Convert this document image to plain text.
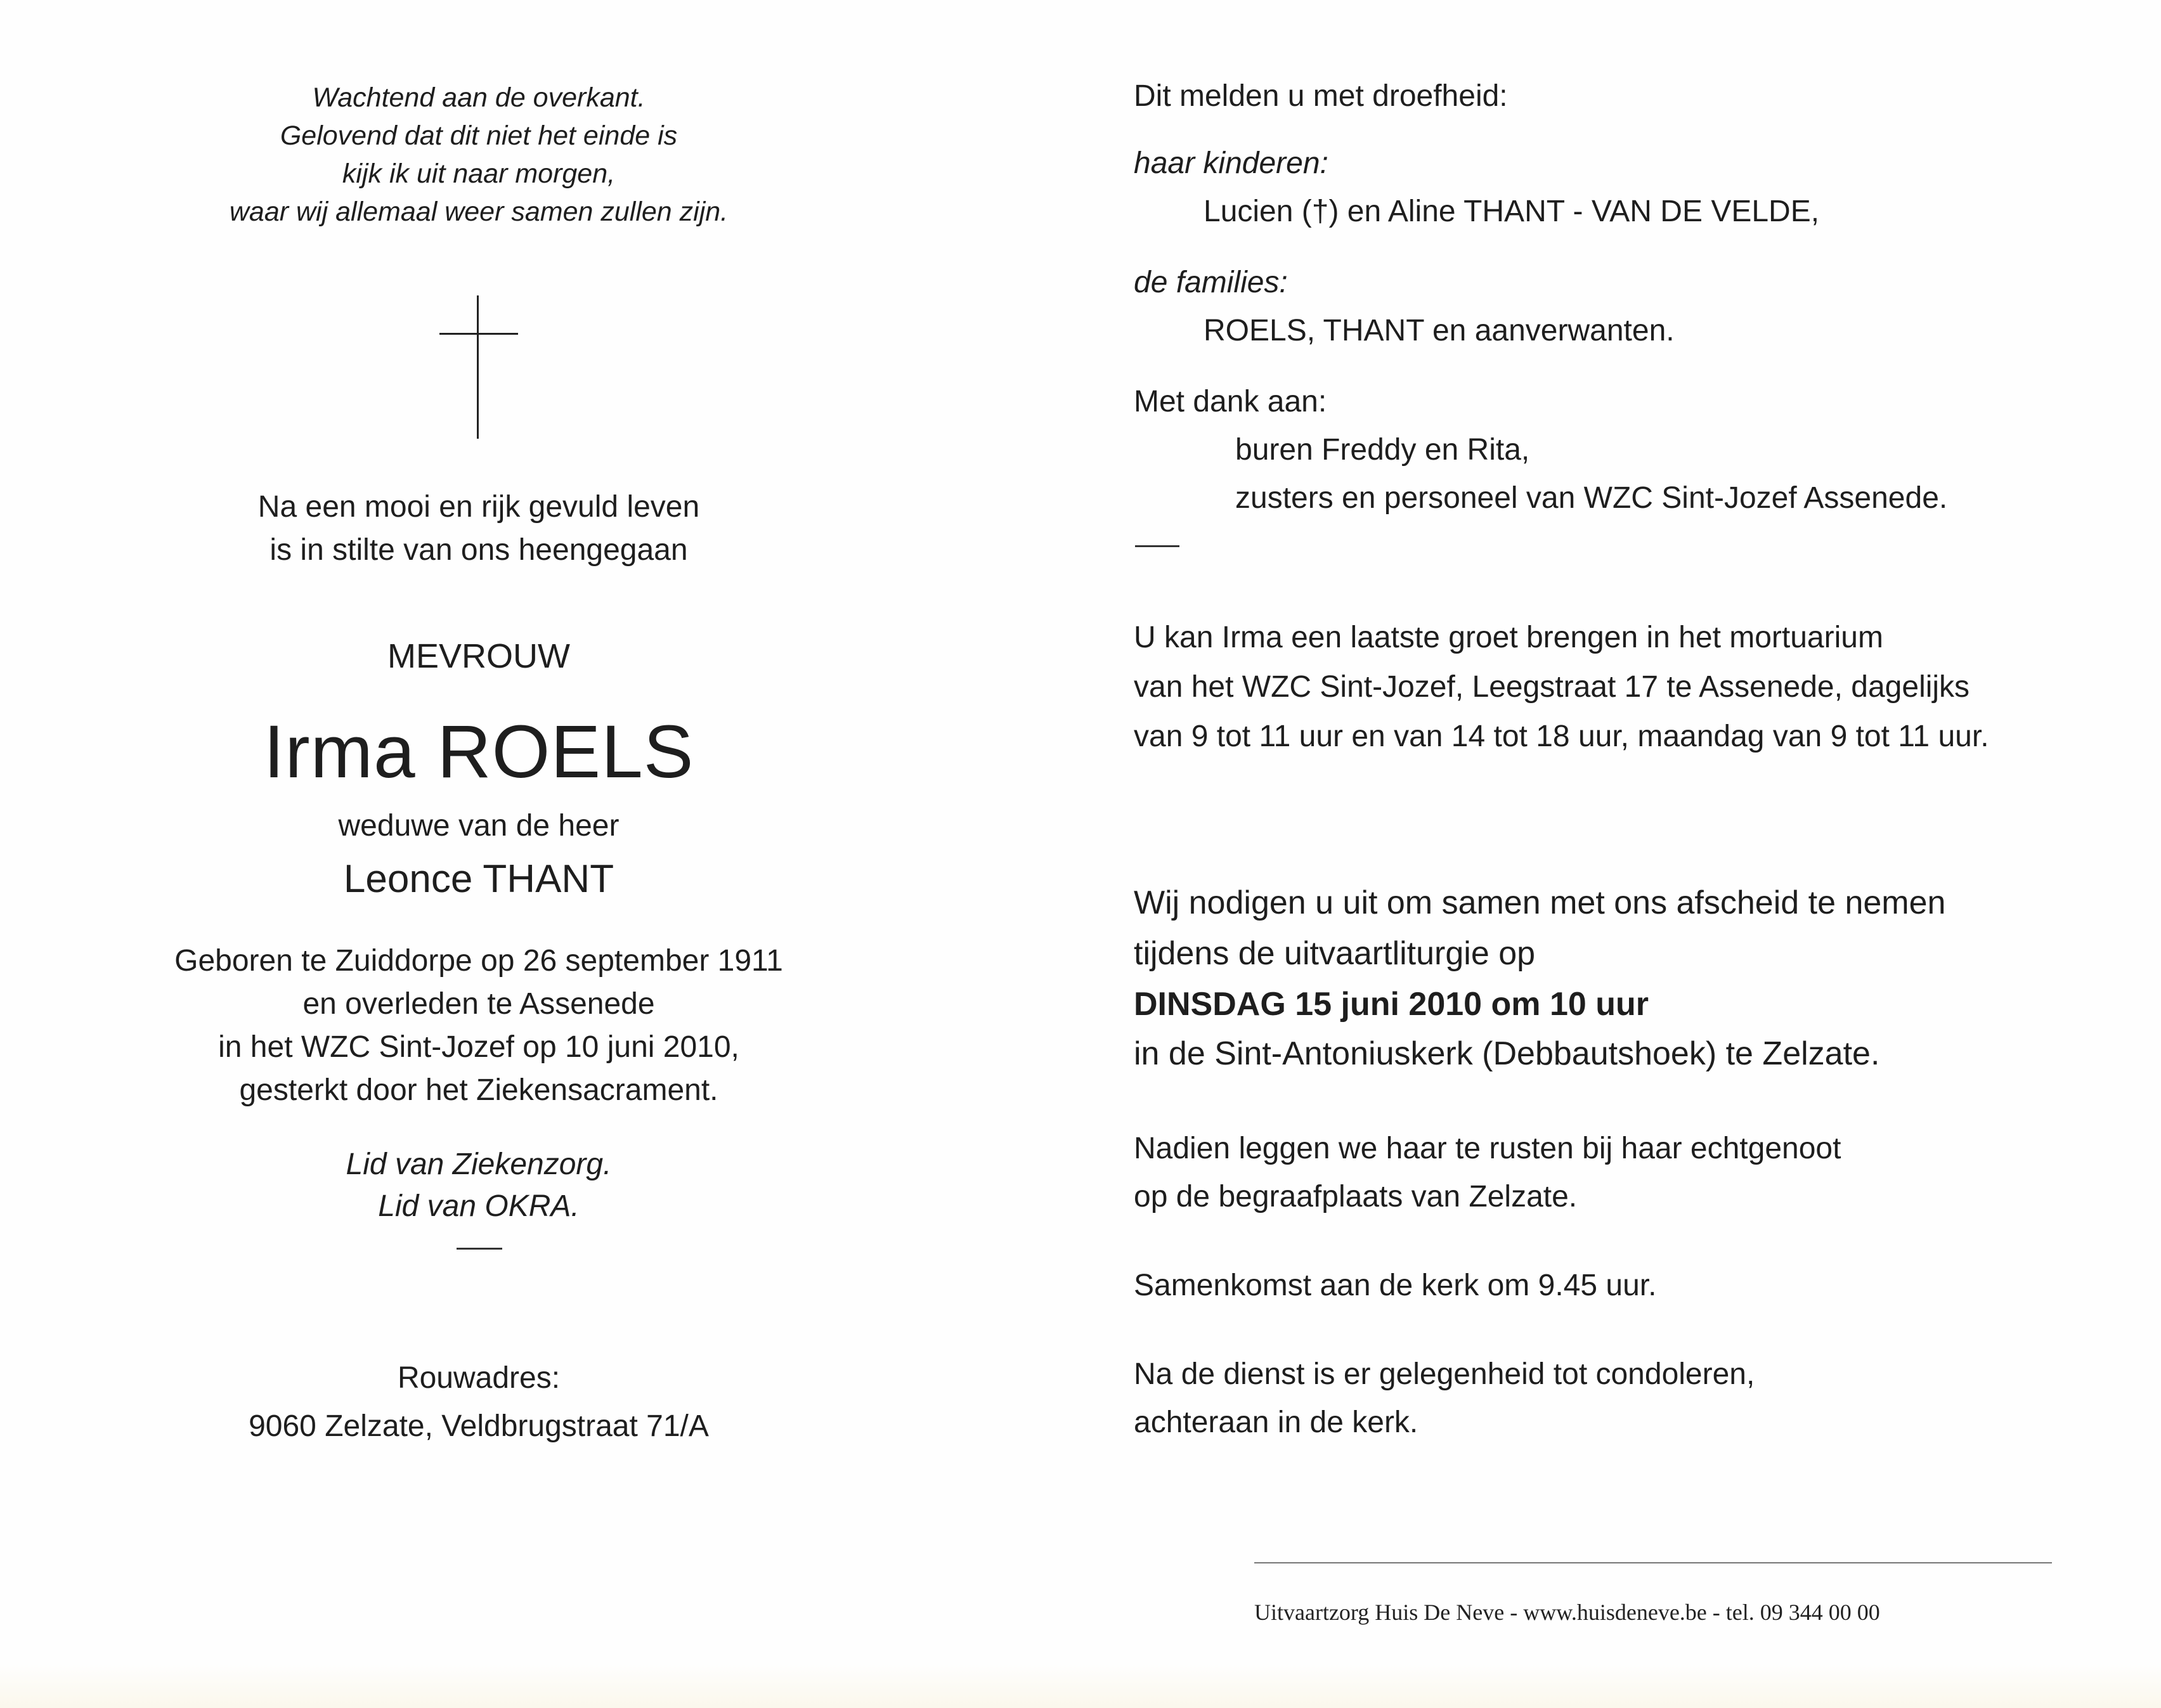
Wachtend aan de overkant.
Gelovend dat dit niet het einde is
kijk ik uit naar morgen,
waar wij allemaal weer samen zullen zijn.
Na een mooi en rijk gevuld leven
is in stilte van ons heengegaan
MEVROUW
Irma ROELS
weduwe van de heer
Leonce THANT
Geboren te Zuiddorpe op 26 september 1911
en overleden te Assenede
in het WZC Sint-Jozef op 10 juni 2010,
gesterkt door het Ziekensacrament.
Lid van Ziekenzorg.
Lid van OKRA.
Rouwadres:
9060 Zelzate, Veldbrugstraat 71/A
Dit melden u met droefheid:
haar kinderen:
Lucien (†) en Aline THANT - VAN DE VELDE,
de families:
ROELS, THANT en aanverwanten.
Met dank aan:
buren Freddy en Rita,
zusters en personeel van WZC Sint-Jozef Assenede.
U kan Irma een laatste groet brengen in het mortuarium
van het WZC Sint-Jozef, Leegstraat 17 te Assenede, dagelijks
van 9 tot 11 uur en van 14 tot 18 uur, maandag van 9 tot 11 uur.
Wij nodigen u uit om samen met ons afscheid te nemen
tijdens de uitvaartliturgie op
DINSDAG 15 juni 2010 om 10 uur
in de Sint-Antoniuskerk (Debbautshoek) te Zelzate.
Nadien leggen we haar te rusten bij haar echtgenoot
op de begraafplaats van Zelzate.
Samenkomst aan de kerk om 9.45 uur.
Na de dienst is er gelegenheid tot condoleren,
achteraan in de kerk.
Uitvaartzorg Huis De Neve - www.huisdeneve.be - tel. 09 344 00 00
